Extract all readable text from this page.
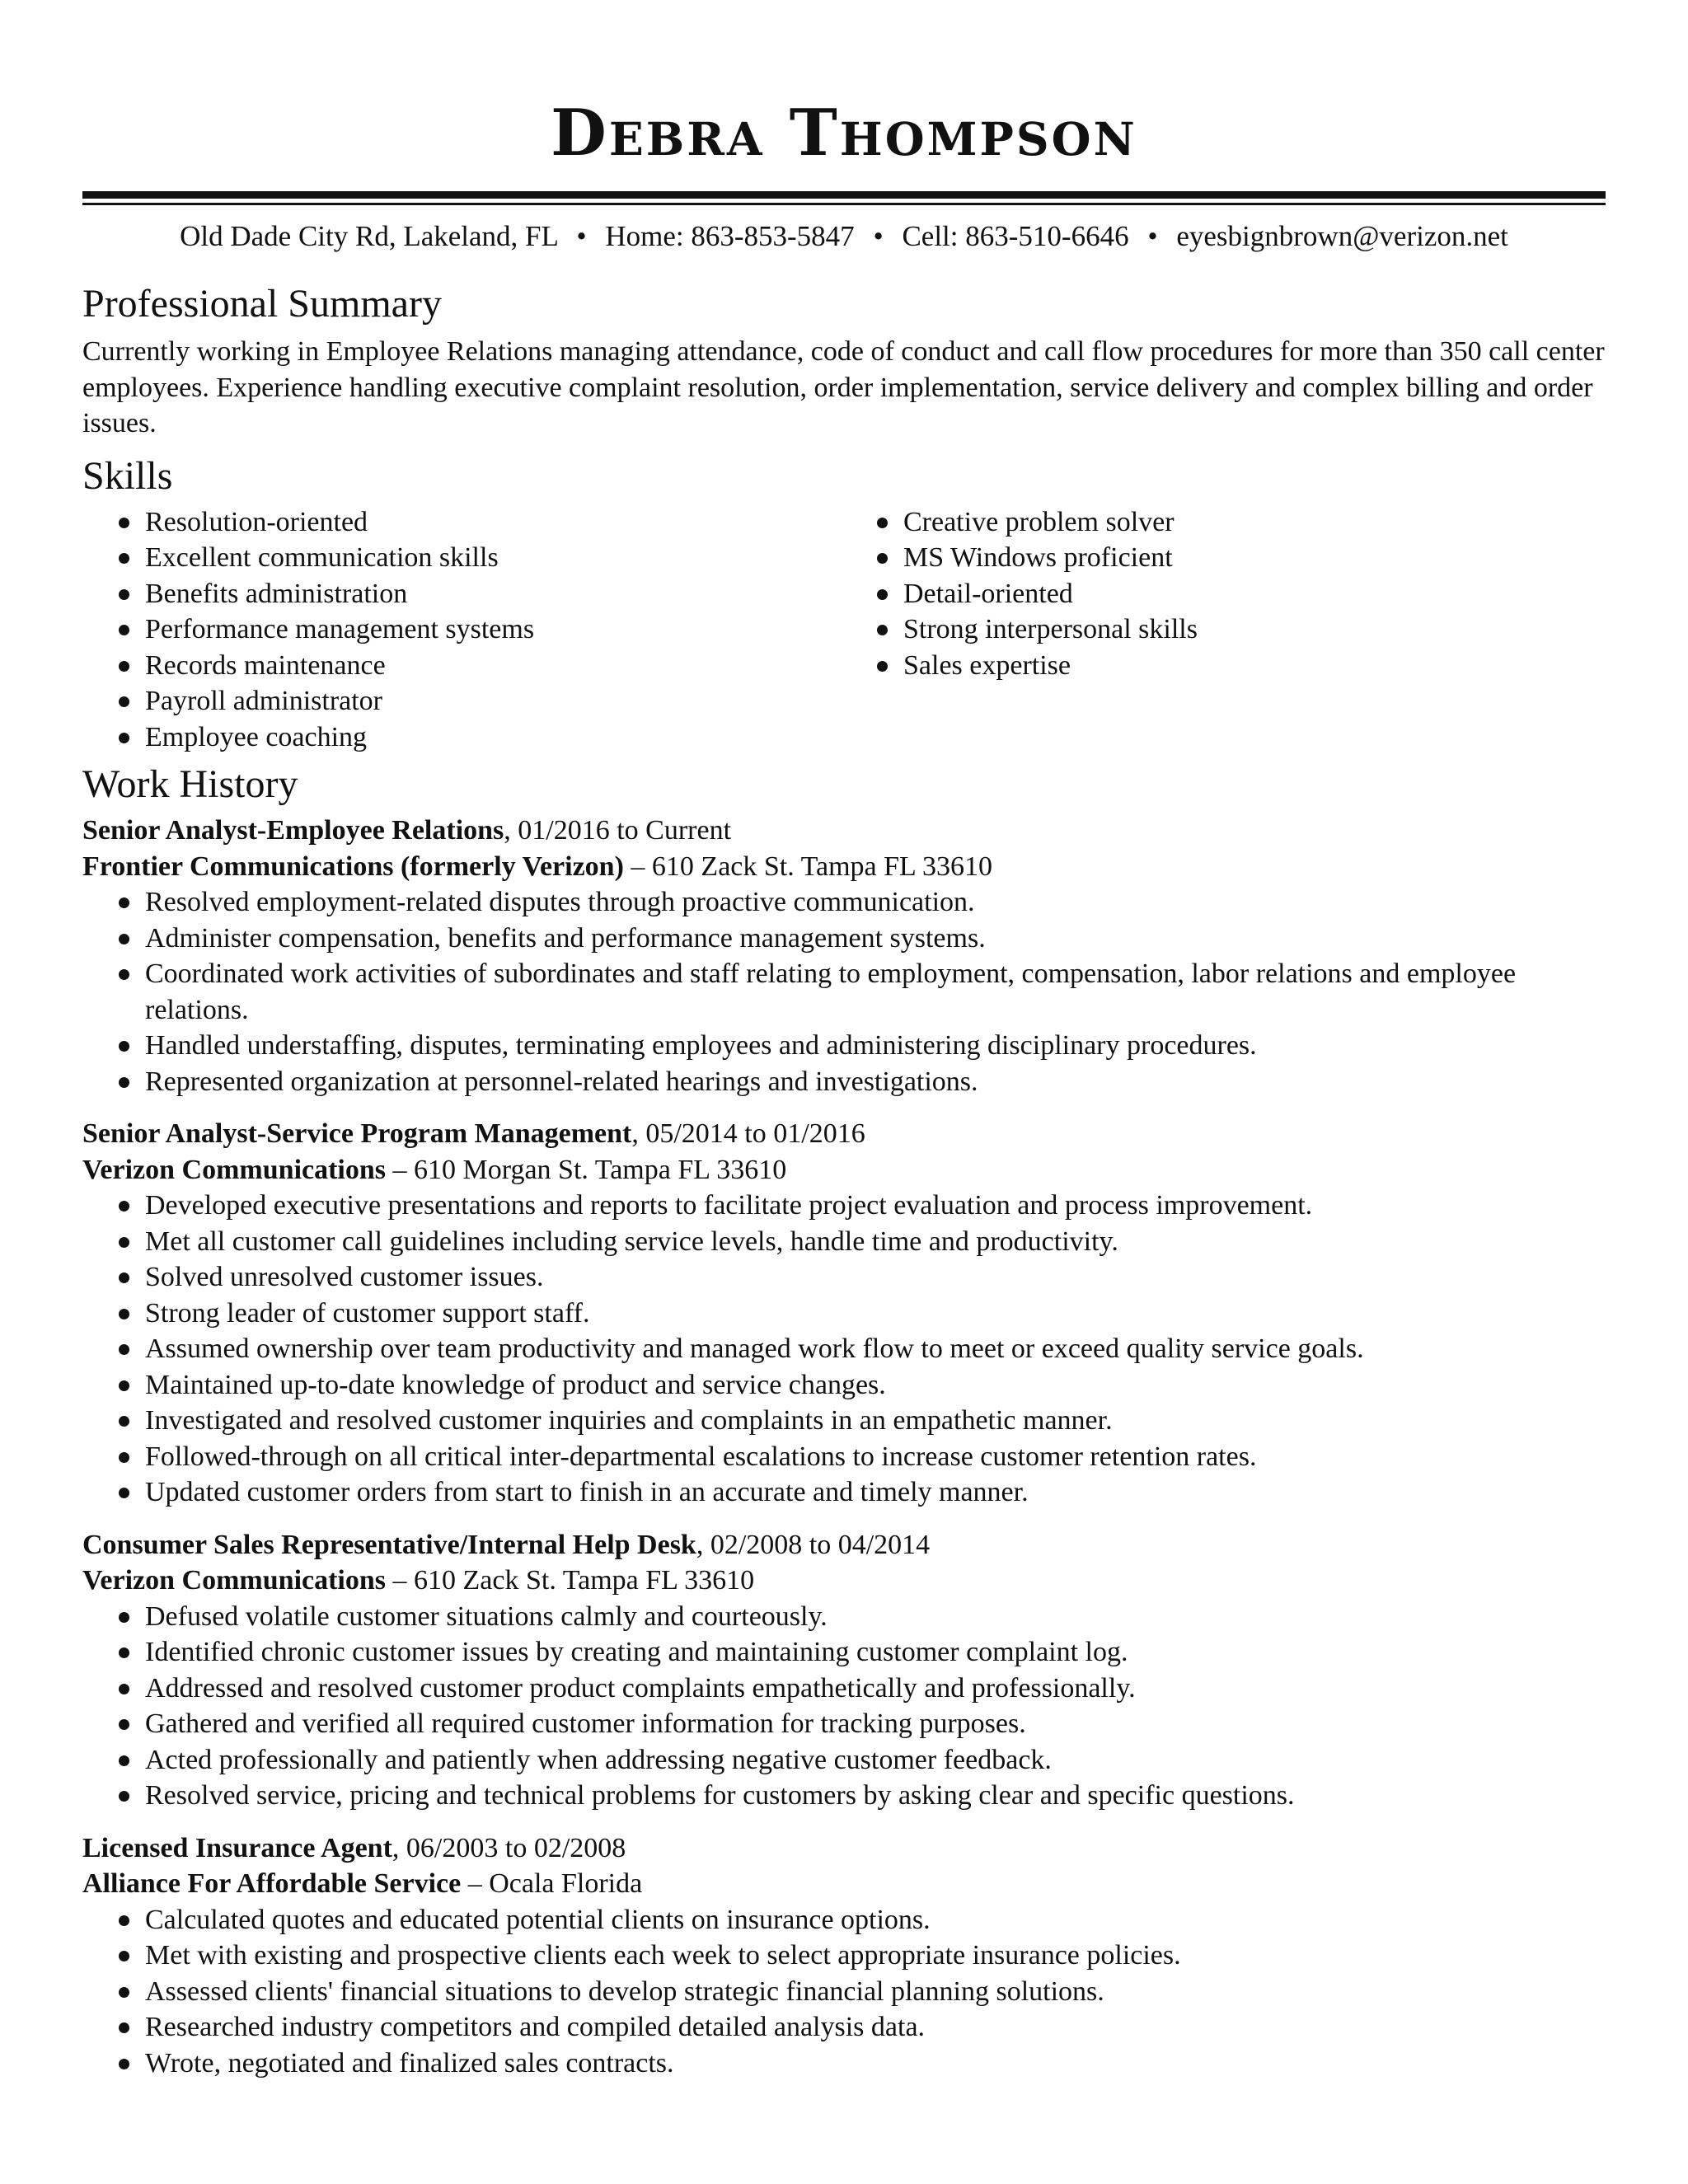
Debra Thompson
Old Dade City Rd, Lakeland, FL • Home: 863-853-5847 • Cell: 863-510-6646 • eyesbignbrown@verizon.net
Professional Summary
Currently working in Employee Relations managing attendance, code of conduct and call flow procedures for more than 350 call center employees. Experience handling executive complaint resolution, order implementation, service delivery and complex billing and order issues.
Skills
Resolution-oriented
Excellent communication skills
Benefits administration
Performance management systems
Records maintenance
Payroll administrator
Employee coaching
Creative problem solver
MS Windows proficient
Detail-oriented
Strong interpersonal skills
Sales expertise
Work History
Senior Analyst-Employee Relations, 01/2016 to Current
Frontier Communications (formerly Verizon) – 610 Zack St. Tampa FL 33610
Resolved employment-related disputes through proactive communication.
Administer compensation, benefits and performance management systems.
Coordinated work activities of subordinates and staff relating to employment, compensation, labor relations and employee relations.
Handled understaffing, disputes, terminating employees and administering disciplinary procedures.
Represented organization at personnel-related hearings and investigations.
Senior Analyst-Service Program Management, 05/2014 to 01/2016
Verizon Communications – 610 Morgan St. Tampa FL 33610
Developed executive presentations and reports to facilitate project evaluation and process improvement.
Met all customer call guidelines including service levels, handle time and productivity.
Solved unresolved customer issues.
Strong leader of customer support staff.
Assumed ownership over team productivity and managed work flow to meet or exceed quality service goals.
Maintained up-to-date knowledge of product and service changes.
Investigated and resolved customer inquiries and complaints in an empathetic manner.
Followed-through on all critical inter-departmental escalations to increase customer retention rates.
Updated customer orders from start to finish in an accurate and timely manner.
Consumer Sales Representative/Internal Help Desk, 02/2008 to 04/2014
Verizon Communications – 610 Zack St. Tampa FL 33610
Defused volatile customer situations calmly and courteously.
Identified chronic customer issues by creating and maintaining customer complaint log.
Addressed and resolved customer product complaints empathetically and professionally.
Gathered and verified all required customer information for tracking purposes.
Acted professionally and patiently when addressing negative customer feedback.
Resolved service, pricing and technical problems for customers by asking clear and specific questions.
Licensed Insurance Agent, 06/2003 to 02/2008
Alliance For Affordable Service – Ocala Florida
Calculated quotes and educated potential clients on insurance options.
Met with existing and prospective clients each week to select appropriate insurance policies.
Assessed clients' financial situations to develop strategic financial planning solutions.
Researched industry competitors and compiled detailed analysis data.
Wrote, negotiated and finalized sales contracts.
